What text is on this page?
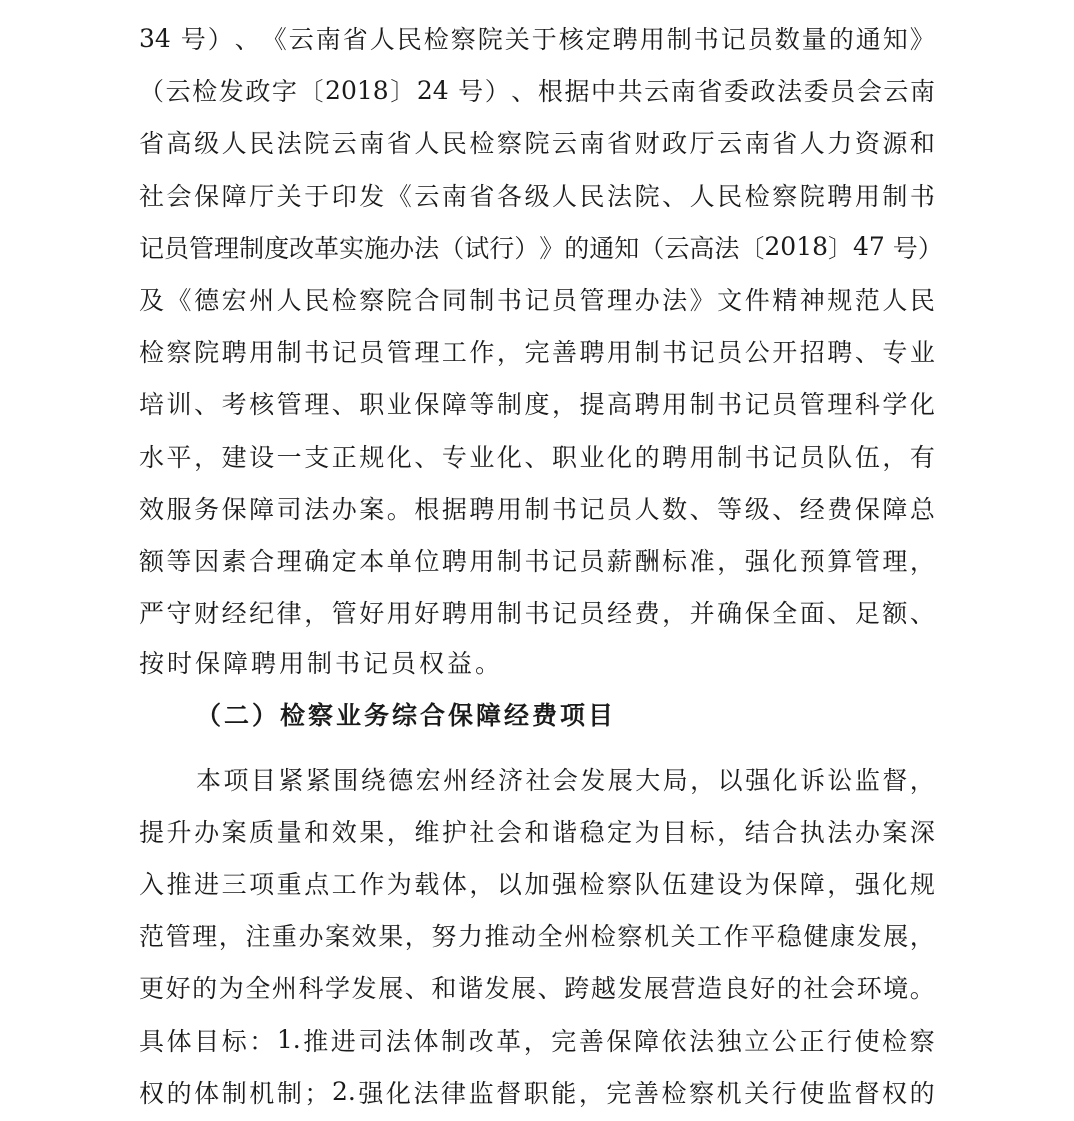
34 号 ） 、 《 云 南 省 人 民 检 察 院 关 于 核 定 聘 用 制 书 记 员 数 量 的 通 知 》
（ 云 检 发 政 字 〔 2018 〕 24 号 ） 、 根 据 中 共 云 南 省 委 政 法 委 员 会 云 南
省 高 级 人 民 法 院 云 南 省 人 民 检 察 院 云 南 省 财 政 厅 云 南 省 人 力 资 源 和
社 会 保 障 厅 关 于 印 发 《 云 南 省 各 级 人 民 法 院 、 人 民 检 察 院 聘 用 制 书
记 员 管 理 制 度 改 革 实 施 办 法 （ 试 行 ） 》 的 通 知 （ 云 高 法 〔 2018 〕 47 号 ）
及 《 德 宏 州 人 民 检 察 院 合 同 制 书 记 员 管 理 办 法 》 文 件 精 神 规 范 人 民
检 察 院 聘 用 制 书 记 员 管 理 工 作 ， 完 善 聘 用 制 书 记 员 公 开 招 聘 、 专 业
培 训 、 考 核 管 理 、 职 业 保 障 等 制 度 ， 提 高 聘 用 制 书 记 员 管 理 科 学 化
水 平 ， 建 设 一 支 正 规 化 、 专 业 化 、 职 业 化 的 聘 用 制 书 记 员 队 伍 ， 有
效 服 务 保 障 司 法 办 案 。 根 据 聘 用 制 书 记 员 人 数 、 等 级 、 经 费 保 障 总
额 等 因 素 合 理 确 定 本 单 位 聘 用 制 书 记 员 薪 酬 标 准 ， 强 化 预 算 管 理 ，
严 守 财 经 纪 律 ， 管 好 用 好 聘 用 制 书 记 员 经 费 ， 并 确 保 全 面 、 足 额 、
按时保障聘用制书记员权益。
（二）检察业务综合保障经费项目
本 项 目 紧 紧 围 绕 德 宏 州 经 济 社 会 发 展 大 局 ， 以 强 化 诉 讼 监 督 ，
提 升 办 案 质 量 和 效 果 ， 维 护 社 会 和 谐 稳 定 为 目 标 ， 结 合 执 法 办 案 深
入 推 进 三 项 重 点 工 作 为 载 体 ， 以 加 强 检 察 队 伍 建 设 为 保 障 ， 强 化 规
范 管 理 ， 注 重 办 案 效 果 ， 努 力 推 动 全 州 检 察 机 关 工 作 平 稳 健 康 发 展 ，
更 好 的 为 全 州 科 学 发 展 、 和 谐 发 展 、 跨 越 发 展 营 造 良 好 的 社 会 环 境 。
具 体 目 标 ： 1. 推 进 司 法 体 制 改 革 ， 完 善 保 障 依 法 独 立 公 正 行 使 检 察
权 的 体 制 机 制 ； 2. 强 化 法 律 监 督 职 能 ， 完 善 检 察 机 关 行 使 监 督 权 的
